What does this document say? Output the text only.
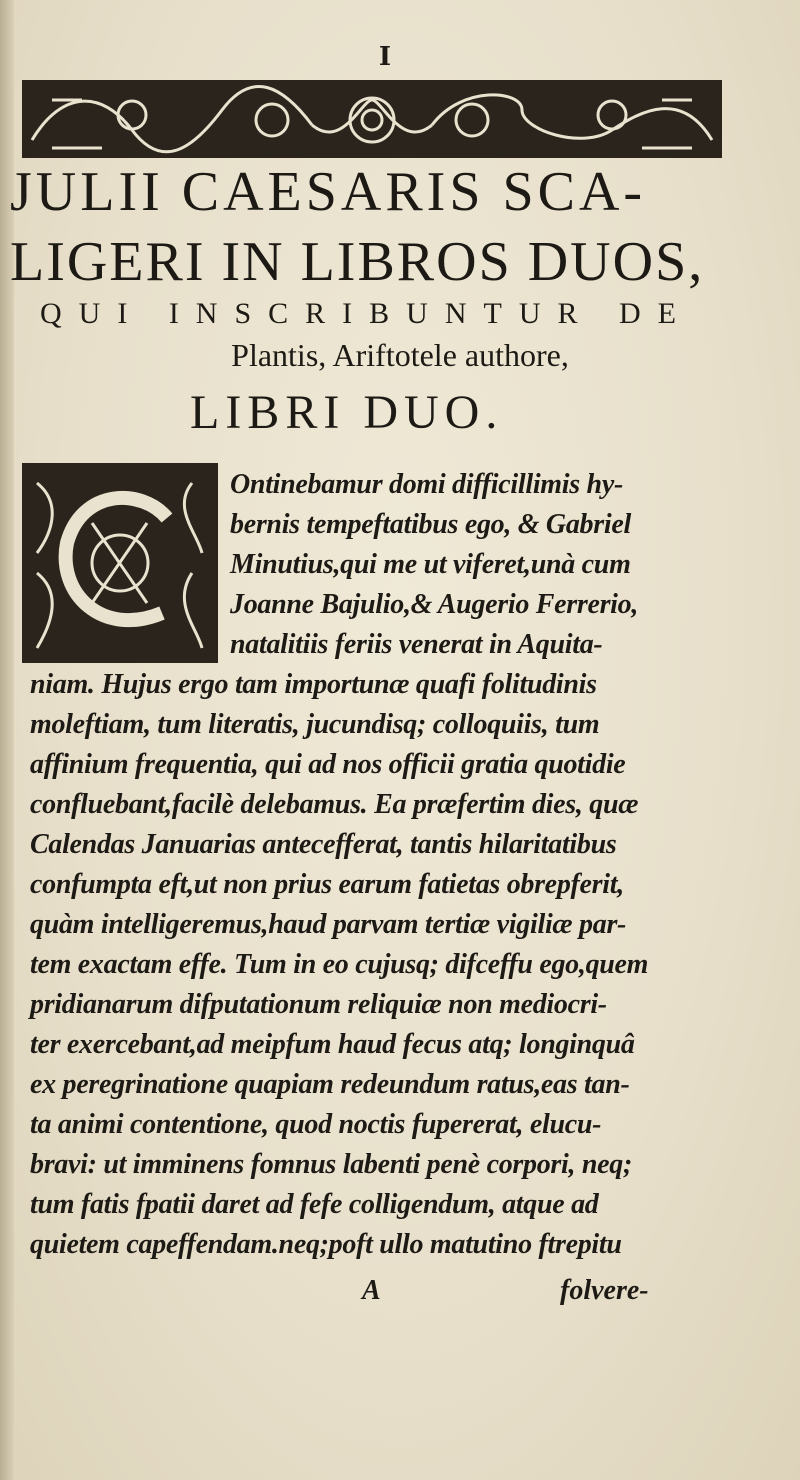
I
JULII CAESARIS SCA-
LIGERI IN LIBROS DUOS,
QUI INSCRIBUNTUR DE
Plantis, Ariftotele authore,
LIBRI DUO.
Ontinebamur domi difficillimis hy-
bernis tempeftatibus ego, & Gabriel
Minutius,qui me ut viferet,unà cum
Joanne Bajulio,& Augerio Ferrerio,
natalitiis feriis venerat in Aquita-
niam. Hujus ergo tam importunæ quafi folitudinis
moleftiam, tum literatis, jucundisq; colloquiis, tum
affinium frequentia, qui ad nos officii gratia quotidie
confluebant,facilè delebamus. Ea præfertim dies, quæ
Calendas Januarias antecefferat, tantis hilaritatibus
confumpta eft,ut non prius earum fatietas obrepferit,
quàm intelligeremus,haud parvam tertiæ vigiliæ par-
tem exactam effe. Tum in eo cujusq; difceffu ego,quem
pridianarum difputationum reliquiæ non mediocri-
ter exercebant,ad meipfum haud fecus atq; longinquâ
ex peregrinatione quapiam redeundum ratus,eas tan-
ta animi contentione, quod noctis fupererat, elucu-
bravi: ut imminens fomnus labenti penè corpori, neq;
tum fatis fpatii daret ad fefe colligendum, atque ad
quietem capeffendam.neq;poft ullo matutino ftrepitu
A	folvere-
